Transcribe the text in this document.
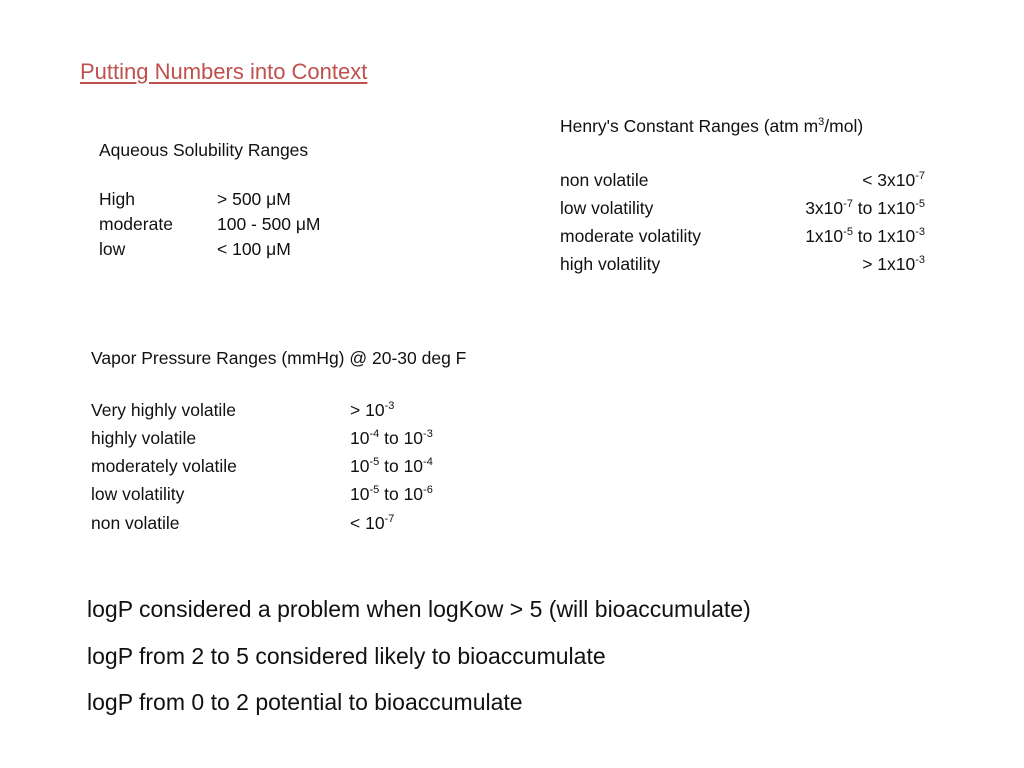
Putting Numbers into Context
Aqueous Solubility Ranges
High	> 500 μM
moderate	100 - 500 μM
low	< 100 μM
Henry's Constant Ranges (atm $m^3/mol$)
non volatile	< $3x10^{-7}$
low volatility	$3x10^{-7}$ to $1x10^{-5}$
moderate volatility	$1x10^{-5}$ to $1x10^{-3}$
high volatility	> $1x10^{-3}$
Vapor Pressure Ranges (mmHg) @ 20-30 deg F
Very highly volatile	> $10^{-3}$
highly volatile	$10^{-4}$ to $10^{-3}$
moderately volatile	$10^{-5}$ to $10^{-4}$
low volatility	$10^{-5}$ to $10^{-6}$
non volatile	< $10^{-7}$
logP considered a problem when logKow > 5 (will bioaccumulate)
logP from 2 to 5 considered likely to bioaccumulate
logP from 0 to 2 potential to bioaccumulate
